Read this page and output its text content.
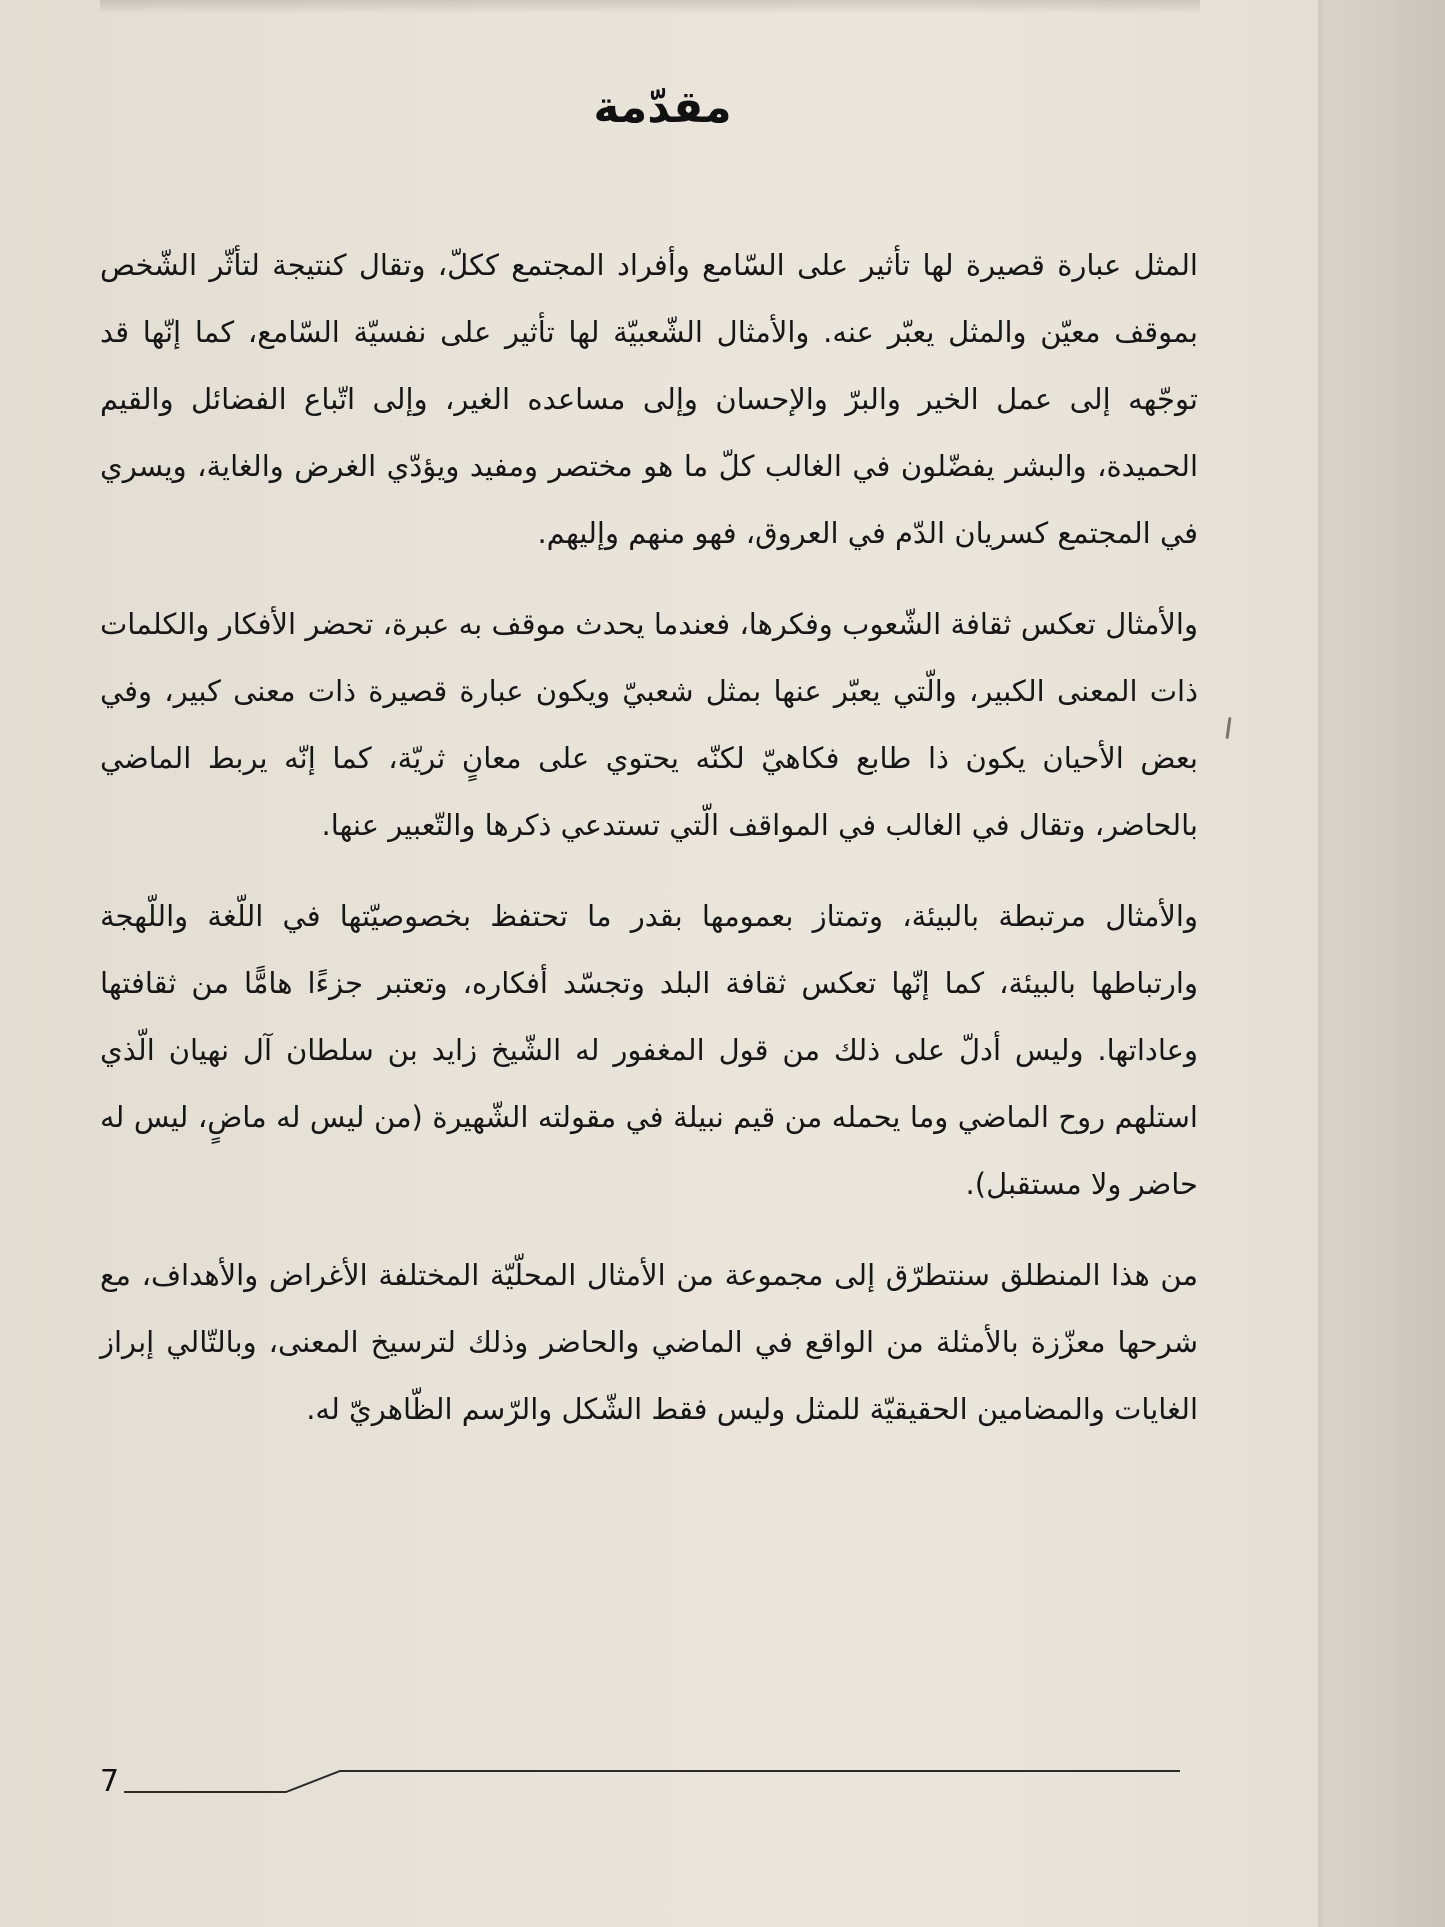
مقدّمة

المثل عبارة قصيرة لها تأثير على السّامع وأفراد المجتمع ككلّ، وتقال كنتيجة لتأثّر الشّخص بموقف معيّن والمثل يعبّر عنه. والأمثال الشّعبيّة لها تأثير على نفسيّة السّامع، كما إنّها قد توجّهه إلى عمل الخير والبرّ والإحسان وإلى مساعده الغير، وإلى اتّباع الفضائل والقيم الحميدة، والبشر يفضّلون في الغالب كلّ ما هو مختصر ومفيد ويؤدّي الغرض والغاية، ويسري في المجتمع كسريان الدّم في العروق، فهو منهم وإليهم.

والأمثال تعكس ثقافة الشّعوب وفكرها، فعندما يحدث موقف به عبرة، تحضر الأفكار والكلمات ذات المعنى الكبير، والّتي يعبّر عنها بمثل شعبيّ ويكون عبارة قصيرة ذات معنى كبير، وفي بعض الأحيان يكون ذا طابع فكاهيّ لكنّه يحتوي على معانٍ ثريّة، كما إنّه يربط الماضي بالحاضر، وتقال في الغالب في المواقف الّتي تستدعي ذكرها والتّعبير عنها.

والأمثال مرتبطة بالبيئة، وتمتاز بعمومها بقدر ما تحتفظ بخصوصيّتها في اللّغة واللّهجة وارتباطها بالبيئة، كما إنّها تعكس ثقافة البلد وتجسّد أفكاره، وتعتبر جزءًا هامًّا من ثقافتها وعاداتها. وليس أدلّ على ذلك من قول المغفور له الشّيخ زايد بن سلطان آل نهيان الّذي استلهم روح الماضي وما يحمله من قيم نبيلة في مقولته الشّهيرة (من ليس له ماضٍ، ليس له حاضر ولا مستقبل).

من هذا المنطلق سنتطرّق إلى مجموعة من الأمثال المحلّيّة المختلفة الأغراض والأهداف، مع شرحها معزّزة بالأمثلة من الواقع في الماضي والحاضر وذلك لترسيخ المعنى، وبالتّالي إبراز الغايات والمضامين الحقيقيّة للمثل وليس فقط الشّكل والرّسم الظّاهريّ له.

7
